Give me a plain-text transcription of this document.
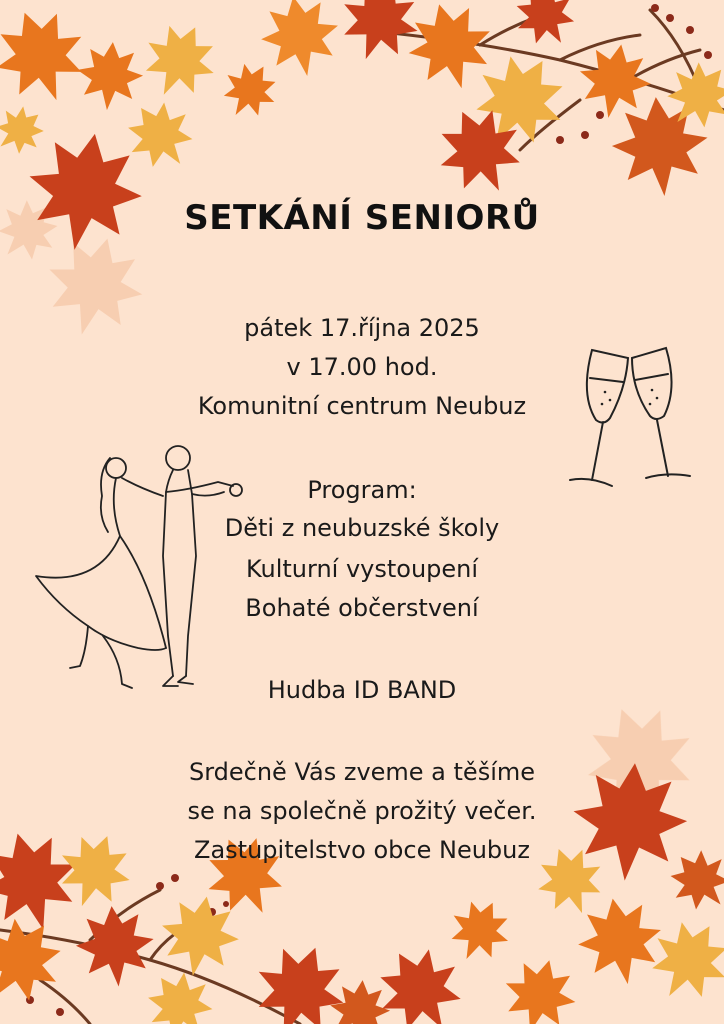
SETKÁNÍ SENIORŮ
pátek 17.října 2025
v 17.00 hod.
Komunitní centrum Neubuz
Program:
Děti z neubuzské školy
Kulturní vystoupení
Bohaté občerstvení
Hudba ID BAND
Srdečně Vás zveme a těšíme
se na společně prožitý večer.
Zastupitelstvo obce Neubuz
